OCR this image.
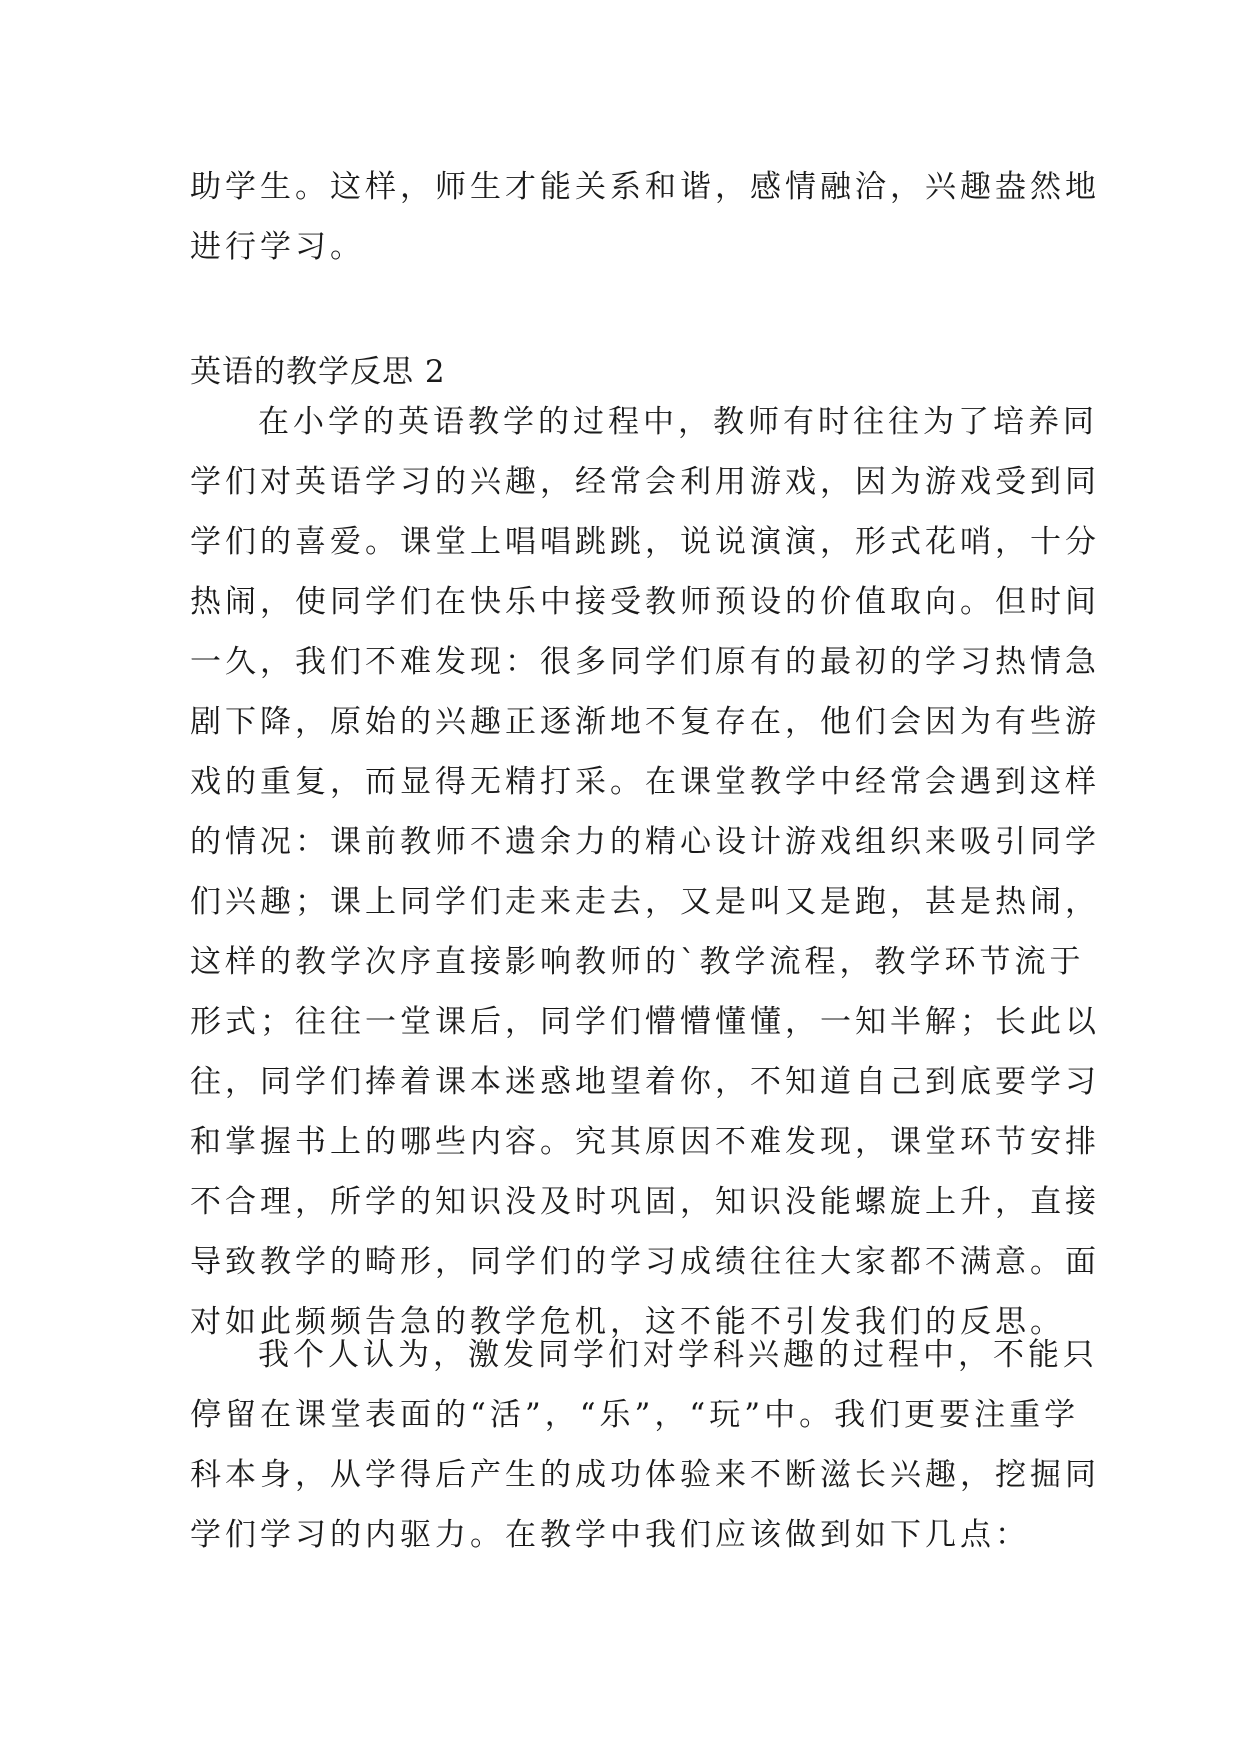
助学生。这样，师生才能关系和谐，感情融洽，兴趣盎然地
进行学习。
英语的教学反思 2
在小学的英语教学的过程中，教师有时往往为了培养同
学们对英语学习的兴趣，经常会利用游戏，因为游戏受到同
学们的喜爱。课堂上唱唱跳跳，说说演演，形式花哨，十分
热闹，使同学们在快乐中接受教师预设的价值取向。但时间
一久，我们不难发现：很多同学们原有的最初的学习热情急
剧下降，原始的兴趣正逐渐地不复存在，他们会因为有些游
戏的重复，而显得无精打采。在课堂教学中经常会遇到这样
的情况：课前教师不遗余力的精心设计游戏组织来吸引同学
们兴趣；课上同学们走来走去，又是叫又是跑，甚是热闹，
这样的教学次序直接影响教师的`教学流程，教学环节流于
形式；往往一堂课后，同学们懵懵懂懂，一知半解；长此以
往，同学们捧着课本迷惑地望着你，不知道自己到底要学习
和掌握书上的哪些内容。究其原因不难发现，课堂环节安排
不合理，所学的知识没及时巩固，知识没能螺旋上升，直接
导致教学的畸形，同学们的学习成绩往往大家都不满意。面
对如此频频告急的教学危机，这不能不引发我们的反思。
我个人认为，激发同学们对学科兴趣的过程中，不能只
停留在课堂表面的“活”，“乐”，“玩”中。我们更要注重学
科本身，从学得后产生的成功体验来不断滋长兴趣，挖掘同
学们学习的内驱力。在教学中我们应该做到如下几点：
